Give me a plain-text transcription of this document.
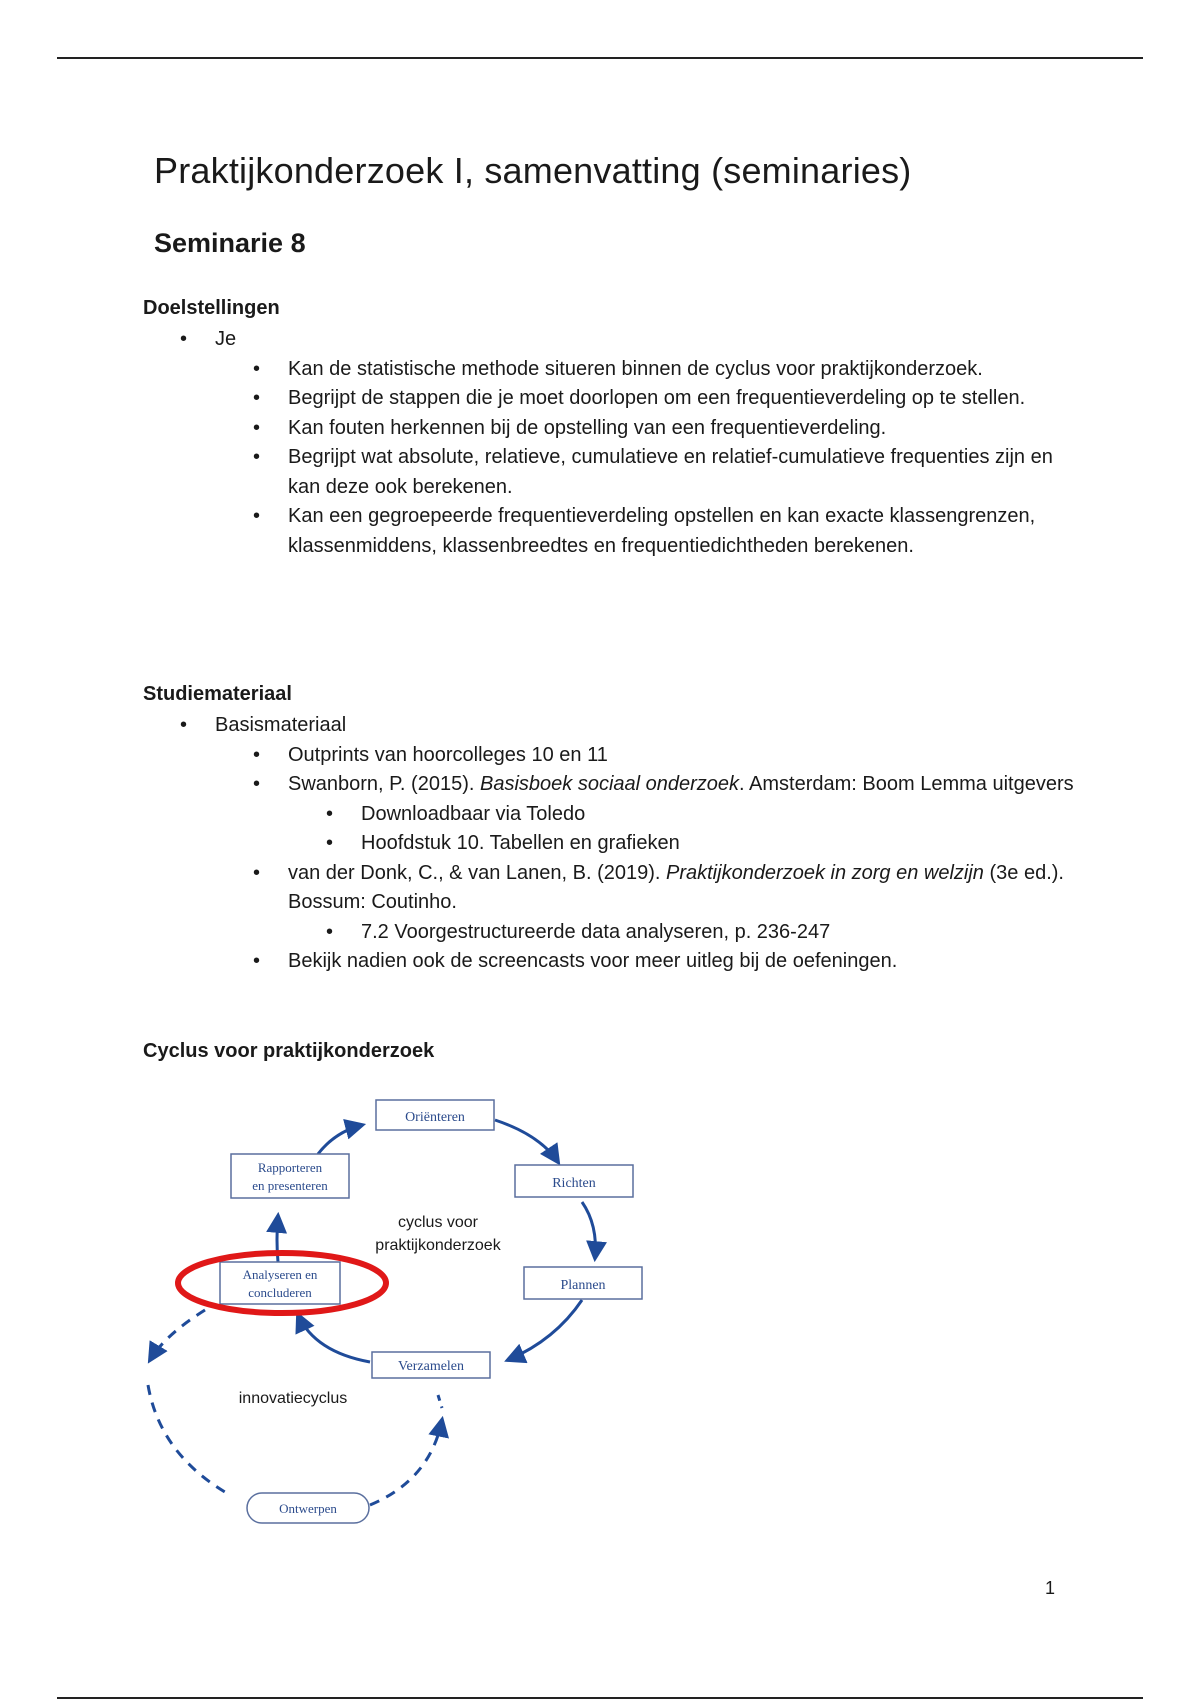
Praktijkonderzoek I, samenvatting (seminaries)
Seminarie 8
Doelstellingen
• Je
• Kan de statistische methode situeren binnen de cyclus voor praktijkonderzoek.
• Begrijpt de stappen die je moet doorlopen om een frequentieverdeling op te stellen.
• Kan fouten herkennen bij de opstelling van een frequentieverdeling.
• Begrijpt wat absolute, relatieve, cumulatieve en relatief-cumulatieve frequenties zijn en kan deze ook berekenen.
• Kan een gegroepeerde frequentieverdeling opstellen en kan exacte klassengrenzen, klassenmiddens, klassenbreedtes en frequentiedichtheden berekenen.
Studiemateriaal
• Basismateriaal
• Outprints van hoorcolleges 10 en 11
• Swanborn, P. (2015). Basisboek sociaal onderzoek. Amsterdam: Boom Lemma uitgevers
• Downloadbaar via Toledo
• Hoofdstuk 10. Tabellen en grafieken
• van der Donk, C., & van Lanen, B. (2019). Praktijkonderzoek in zorg en welzijn (3e ed.). Bossum: Coutinho.
• 7.2 Voorgestructureerde data analyseren, p. 236-247
• Bekijk nadien ook de screencasts voor meer uitleg bij de oefeningen.
Cyclus voor praktijkonderzoek
Oriënteren
Richten
Plannen
Verzamelen
Analyseren en
concluderen
Rapporteren
en presenteren
Ontwerpen
cyclus voor
praktijkonderzoek
innovatiecyclus
1
